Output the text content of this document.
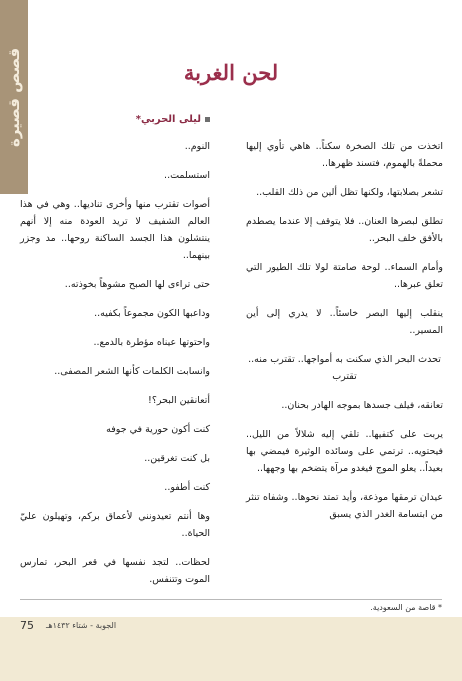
قصص قصيرة	لحن الغربة
ليلى الحربي*

اتخذت من تلك الصخرة سكناً.. هاهي تأوي إليها محملةً بالهموم، فتسند ظهرها..

تشعر بصلابتها، ولكنها تظل ألين من ذلك القلب..

تطلق لبصرها العنان.. فلا يتوقف إلا عندما يصطدم بالأفق خلف البحر..

وأمام السماء.. لوحة صامتة لولا تلك الطيور التي تعلق عبرها..

ينقلب إليها البصر خاسئاً.. لا يدري إلى أين المسير..

تحدث البحر الذي سكنت به أمواجها.. تقترب منه.. تقترب

تعانقه، فيلف جسدها بموجه الهادر بحنان..

يربت على كتفيها.. تلقي إليه شلالاً من الليل.. فيحتويه.. ترتمي على وسائده الوثيرة فيمضي بها بعيداً.. يعلو الموج فيغدو مرآة يتضخم بها وجهها..

عيدان ترمقها موذعة، وأيد تمتد نحوها.. وشفاه تنثر من ابتسامة الغدر الذي يسبق

النوم..

استسلمت..

أصوات تقترب منها وأخرى تناديها.. وهي في هذا العالم الشفيف لا تريد العودة منه إلا أنهم ينتشلون هذا الجسد الساكنة روحها.. مد وجزر بينهما..

حتى تراءى لها الصبح مشوهاً بخوذته..

وداعبها الكون مجموعاً بكفيه..

واحتوتها عيناه مؤطرة بالدمع..

وانسابت الكلمات كأنها الشعر المصفى..

أتعانقين البحر؟!

كنت أكون حورية في جوفه

بل كنت تغرقين..

كنت أطفو..

وها أنتم تعيدونني لأعماق بركم، وتهيلون عليّ الحياة..

لحظات.. لتجد نفسها في قعر البحر، تمارس الموت وتتنفس.

* قاصة من السعودية.
75 الجوبة - شتاء ١٤٣٢هـ
